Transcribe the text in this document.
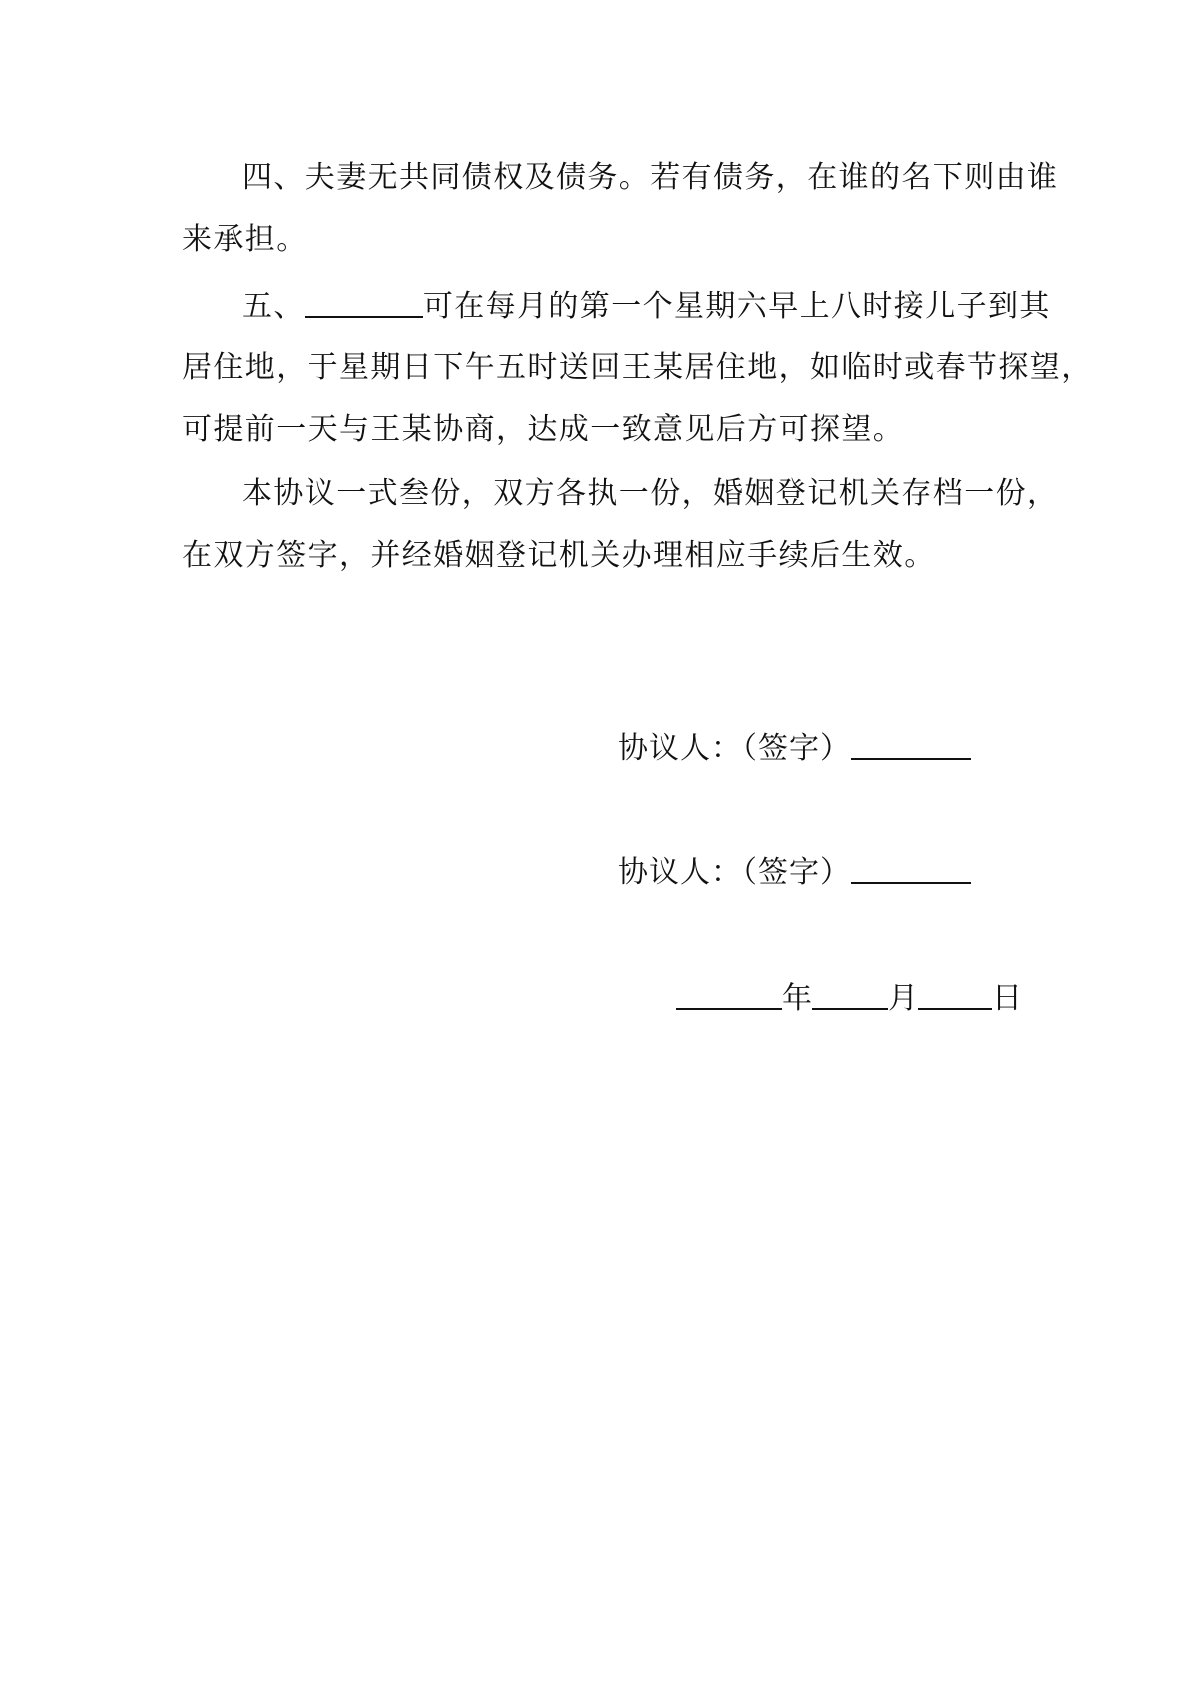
四、夫妻无共同债权及债务。若有债务，在谁的名下则由谁
来承担。
五、	可在每月的第一个星期六早上八时接儿子到其
居住地，于星期日下午五时送回王某居住地，如临时或春节探望，
可提前一天与王某协商，达成一致意见后方可探望。
本协议一式叁份，双方各执一份，婚姻登记机关存档一份，
在双方签字，并经婚姻登记机关办理相应手续后生效。
协议人：（签字）
协议人：（签字）
年	月 日
